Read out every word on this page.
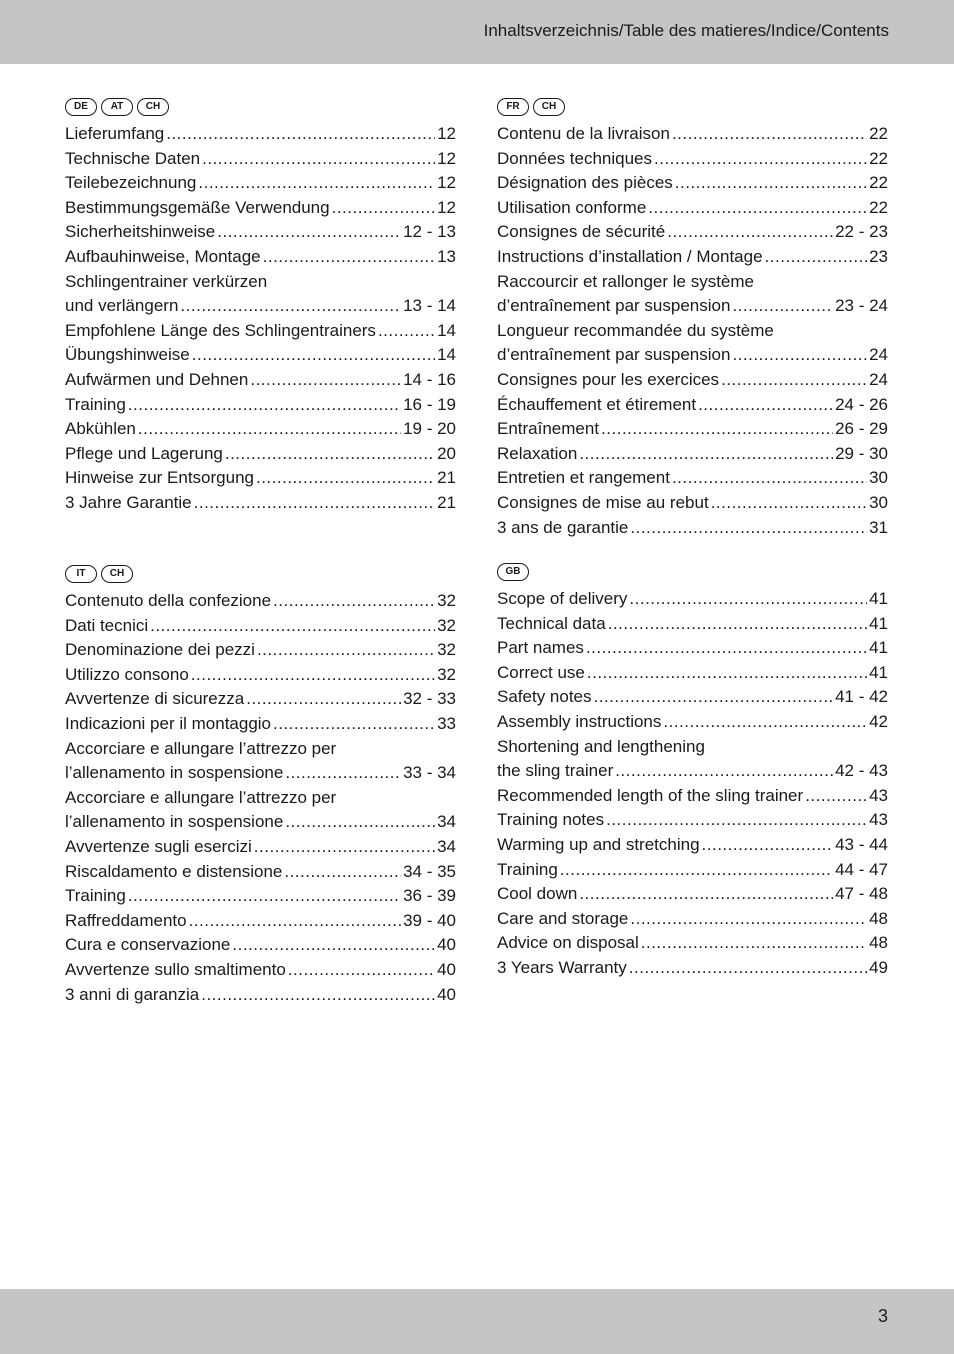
Inhaltsverzeichnis/Table des matieres/Indice/Contents
DE	AT	CH
Lieferumfang .....	12
Technische Daten .....	12
Teilebezeichnung .....	12
Bestimmungsgemäße Verwendung .....	12
Sicherheitshinweise .....	12 - 13
Aufbauhinweise, Montage .....	13
Schlingentrainer verkürzen
und verlängern .....	13 - 14
Empfohlene Länge des Schlingentrainers .....	14
Übungshinweise .....	14
Aufwärmen und Dehnen .....	14 - 16
Training .....	16 - 19
Abkühlen .....	19 - 20
Pflege und Lagerung .....	20
Hinweise zur Entsorgung .....	21
3 Jahre Garantie .....	21
FR	CH
Contenu de la livraison .....	22
Données techniques .....	22
Désignation des pièces .....	22
Utilisation conforme .....	22
Consignes de sécurité .....	22 - 23
Instructions d’installation / Montage .....	23
Raccourcir et rallonger le système
d’entraînement par suspension .....	23 - 24
Longueur recommandée du système
d’entraînement par suspension .....	24
Consignes pour les exercices .....	24
Échauffement et étirement .....	24 - 26
Entraînement .....	26 - 29
Relaxation .....	29 - 30
Entretien et rangement .....	30
Consignes de mise au rebut .....	30
3 ans de garantie .....	31
IT	CH
Contenuto della confezione .....	32
Dati tecnici .....	32
Denominazione dei pezzi .....	32
Utilizzo consono .....	32
Avvertenze di sicurezza .....	32 - 33
Indicazioni per il montaggio .....	33
Accorciare e allungare l’attrezzo per
l’allenamento in sospensione .....	33 - 34
Accorciare e allungare l’attrezzo per
l’allenamento in sospensione .....	34
Avvertenze sugli esercizi .....	34
Riscaldamento e distensione .....	34 - 35
Training .....	36 - 39
Raffreddamento .....	39 - 40
Cura e conservazione .....	40
Avvertenze sullo smaltimento .....	40
3 anni di garanzia .....	40
GB
Scope of delivery .....	41
Technical data .....	41
Part names .....	41
Correct use .....	41
Safety notes .....	41 - 42
Assembly instructions .....	42
Shortening and lengthening
the sling trainer .....	42 - 43
Recommended length of the sling trainer .....	43
Training notes .....	43
Warming up and stretching .....	43 - 44
Training .....	44 - 47
Cool down .....	47 - 48
Care and storage .....	48
Advice on disposal .....	48
3 Years Warranty .....	49
3
